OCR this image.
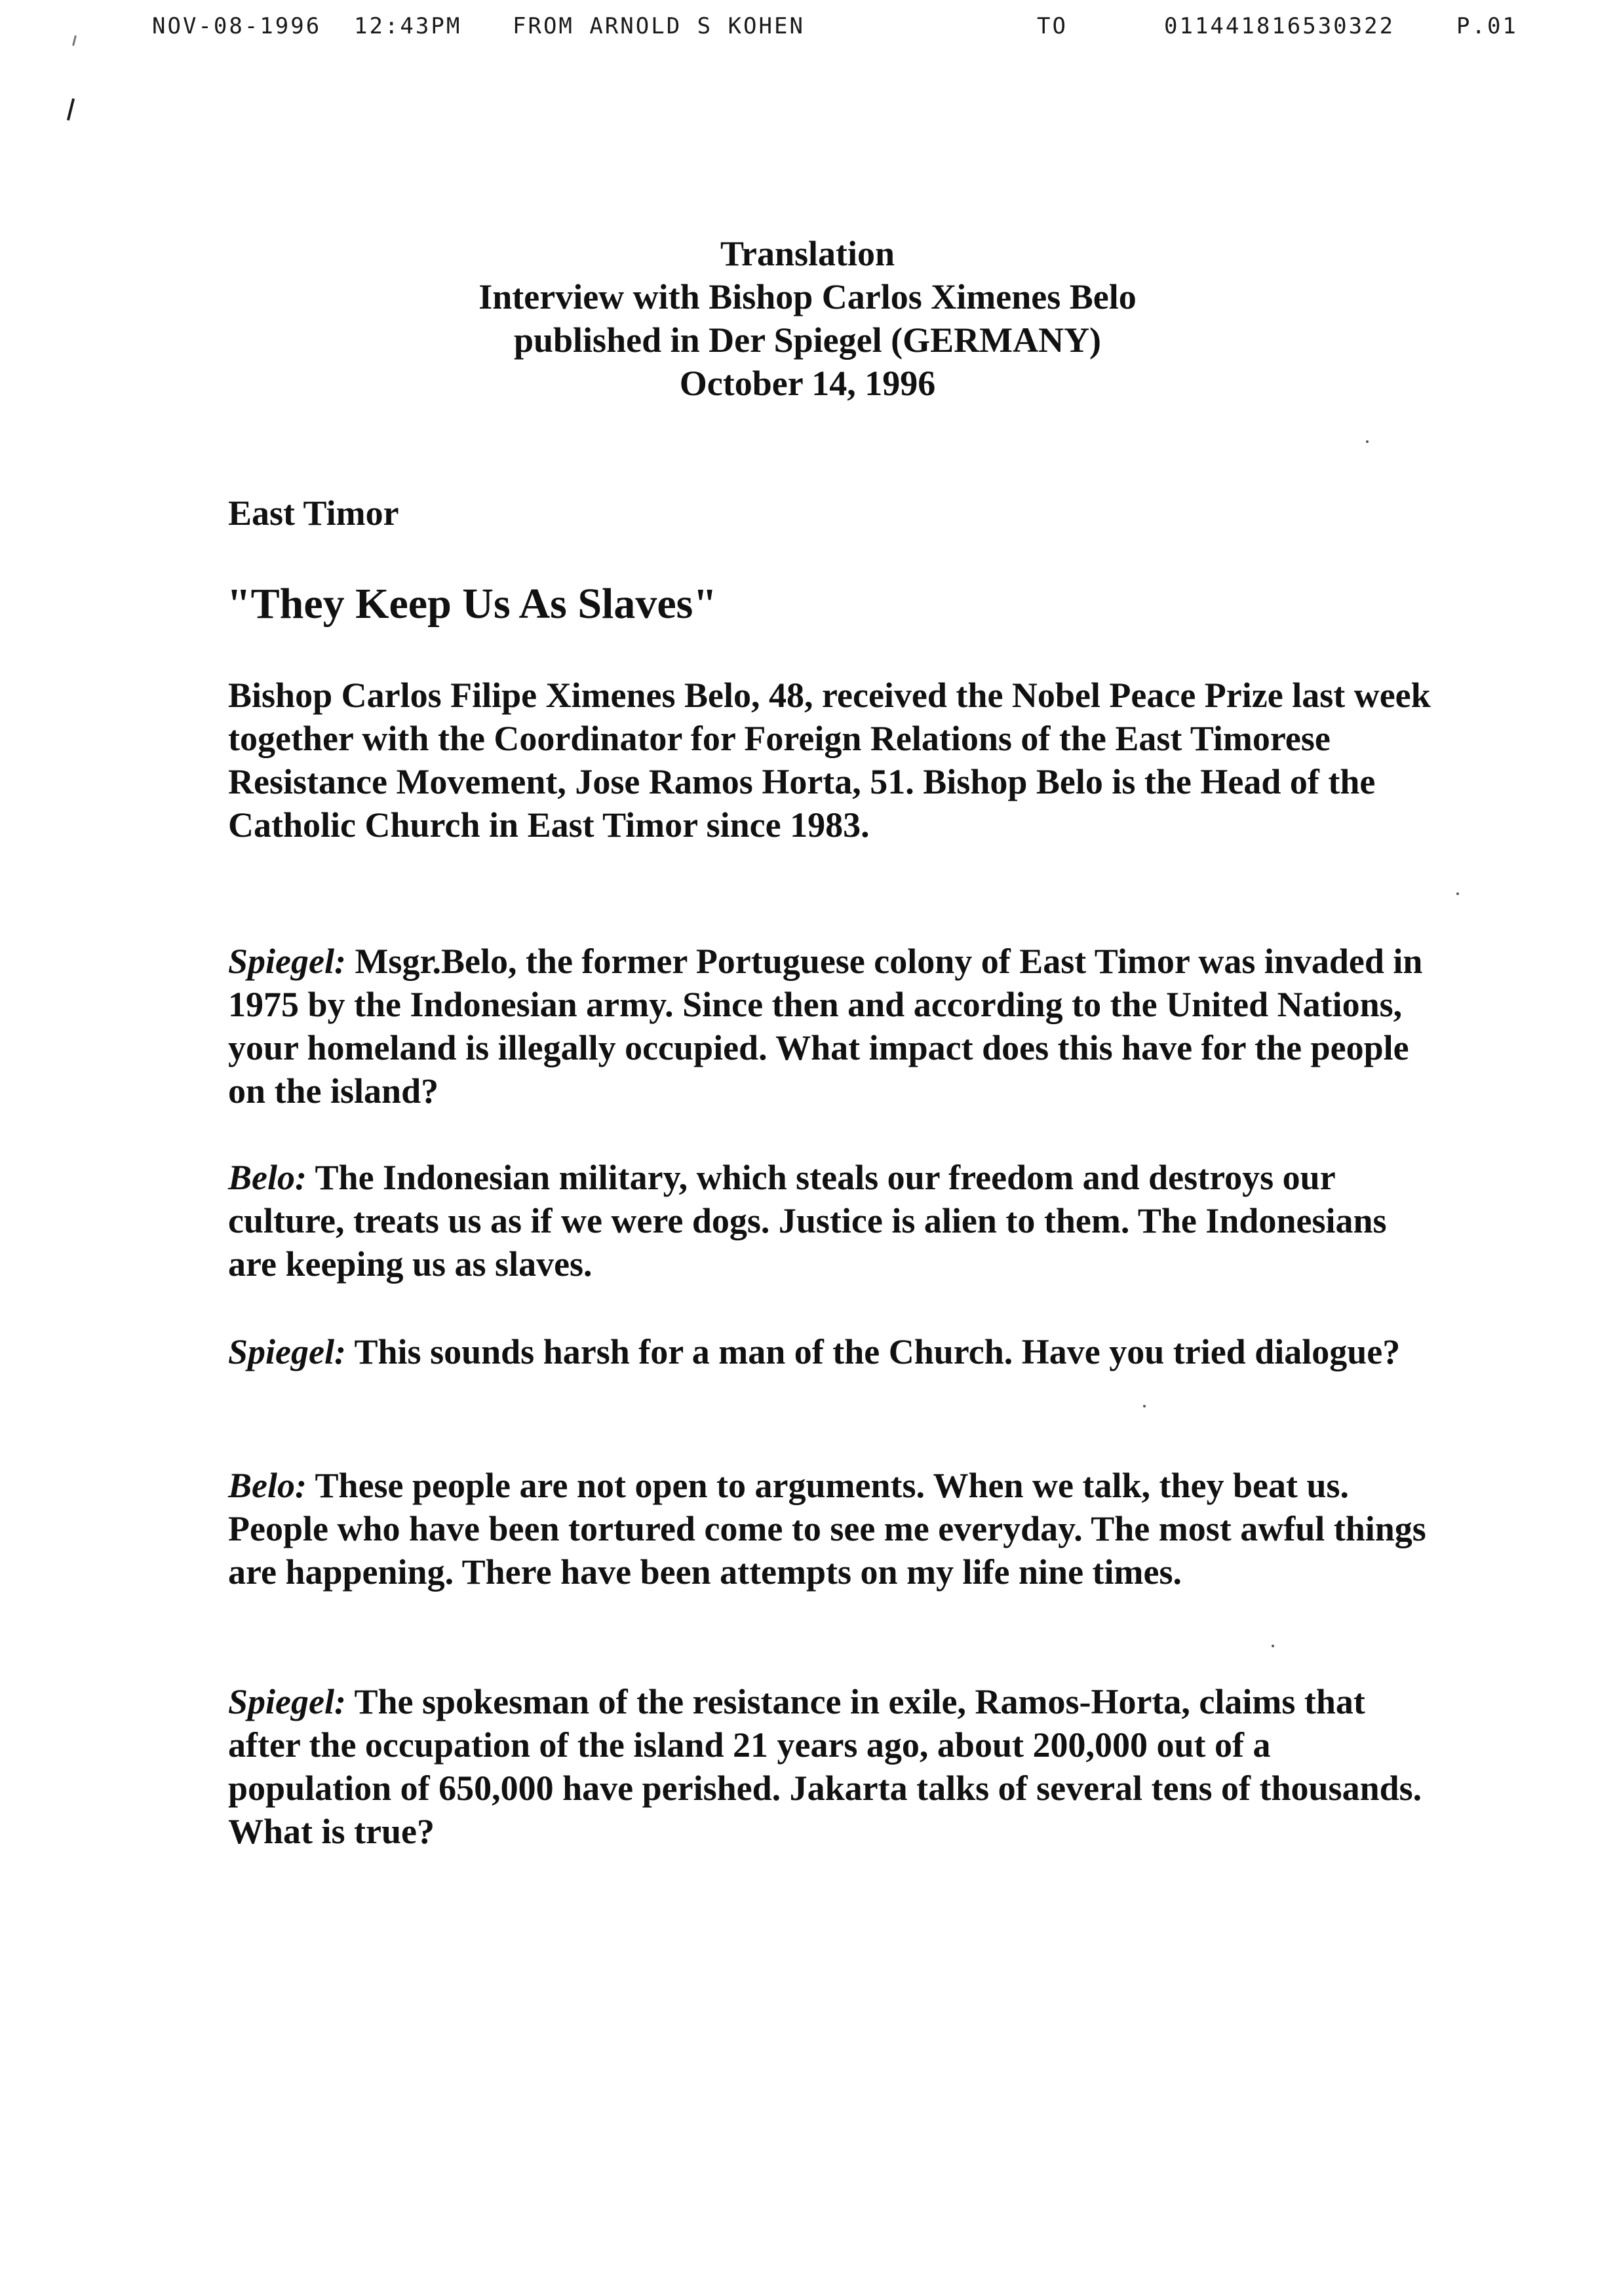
NOV-08-1996 12:43PM FROM ARNOLD S KOHEN	TO	011441816530322	P.01
Translation
Interview with Bishop Carlos Ximenes Belo
published in Der Spiegel (GERMANY)
October 14, 1996
East Timor
"They Keep Us As Slaves"
Bishop Carlos Filipe Ximenes Belo, 48, received the Nobel Peace Prize last week together with the Coordinator for Foreign Relations of the East Timorese Resistance Movement, Jose Ramos Horta, 51. Bishop Belo is the Head of the Catholic Church in East Timor since 1983.
Spiegel: Msgr.Belo, the former Portuguese colony of East Timor was invaded in 1975 by the Indonesian army. Since then and according to the United Nations, your homeland is illegally occupied. What impact does this have for the people on the island?
Belo: The Indonesian military, which steals our freedom and destroys our culture, treats us as if we were dogs. Justice is alien to them. The Indonesians are keeping us as slaves.
Spiegel: This sounds harsh for a man of the Church. Have you tried dialogue?
Belo: These people are not open to arguments. When we talk, they beat us. People who have been tortured come to see me everyday. The most awful things are happening. There have been attempts on my life nine times.
Spiegel: The spokesman of the resistance in exile, Ramos-Horta, claims that after the occupation of the island 21 years ago, about 200,000 out of a population of 650,000 have perished. Jakarta talks of several tens of thousands. What is true?
